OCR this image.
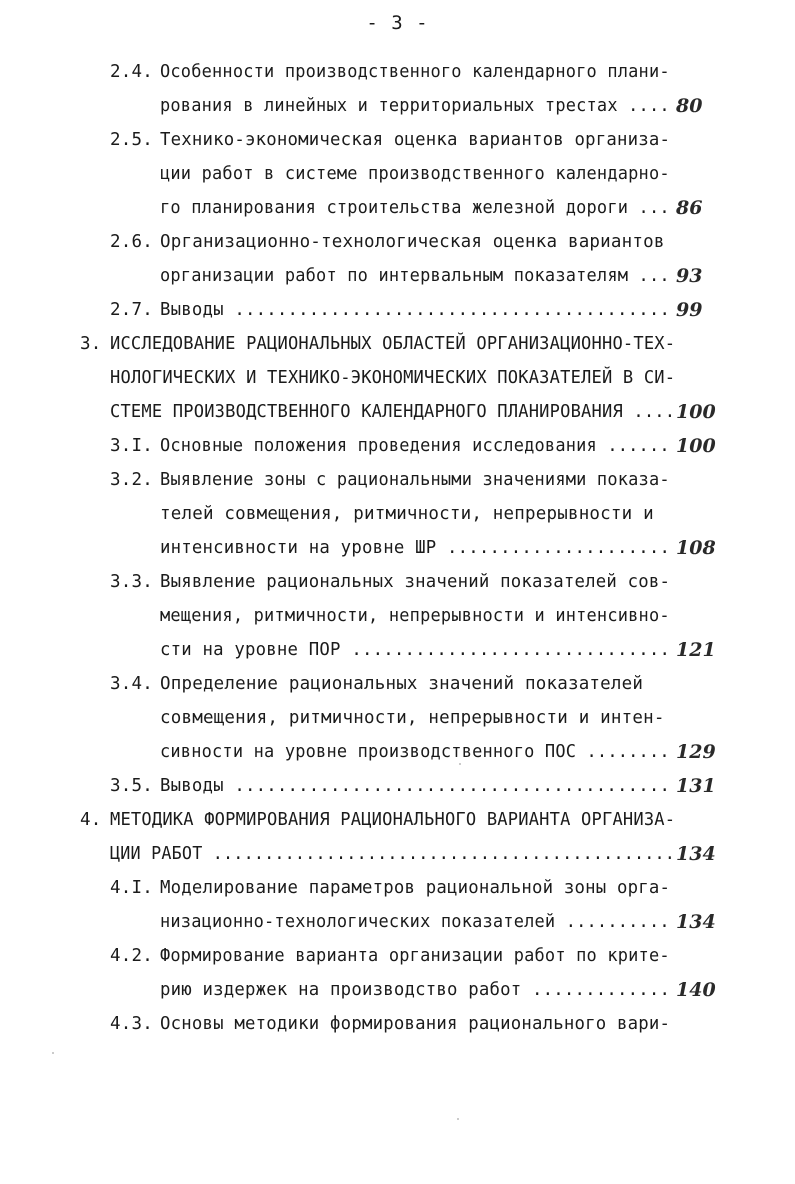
- 3 -
2.4. Особенности производственного календарного плани-
рования в линейных и территориальных трестах .... 80
2.5. Технико-экономическая оценка вариантов организа-
ции работ в системе производственного календарно-
го планирования строительства железной дороги ... 86
2.6. Организационно-технологическая оценка вариантов
организации работ по интервальным показателям ... 93
2.7. Выводы ......................................... 99
3. ИССЛЕДОВАНИЕ РАЦИОНАЛЬНЫХ ОБЛАСТЕЙ ОРГАНИЗАЦИОННО-ТЕХ-
НОЛОГИЧЕСКИХ И ТЕХНИКО-ЭКОНОМИЧЕСКИХ ПОКАЗАТЕЛЕЙ В СИ-
СТЕМЕ ПРОИЗВОДСТВЕННОГО КАЛЕНДАРНОГО ПЛАНИРОВАНИЯ .... 100
3.I. Основные положения проведения исследования ...... 100
3.2. Выявление зоны с рациональными значениями показа-
телей совмещения, ритмичности, непрерывности и
интенсивности на уровне ШР ..................... 108
3.3. Выявление рациональных значений показателей сов-
мещения, ритмичности, непрерывности и интенсивно-
сти на уровне ПОР .............................. 121
3.4. Определение рациональных значений показателей
совмещения, ритмичности, непрерывности и интен-
сивности на уровне производственного ПОС ........ 129
3.5. Выводы ......................................... 131
4. МЕТОДИКА ФОРМИРОВАНИЯ РАЦИОНАЛЬНОГО ВАРИАНТА ОРГАНИЗА-
ЦИИ РАБОТ ............................................. 134
4.I. Моделирование параметров рациональной зоны орга-
низационно-технологических показателей .......... 134
4.2. Формирование варианта организации работ по крите-
рию издержек на производство работ ............. 140
4.3. Основы методики формирования рационального вари-
